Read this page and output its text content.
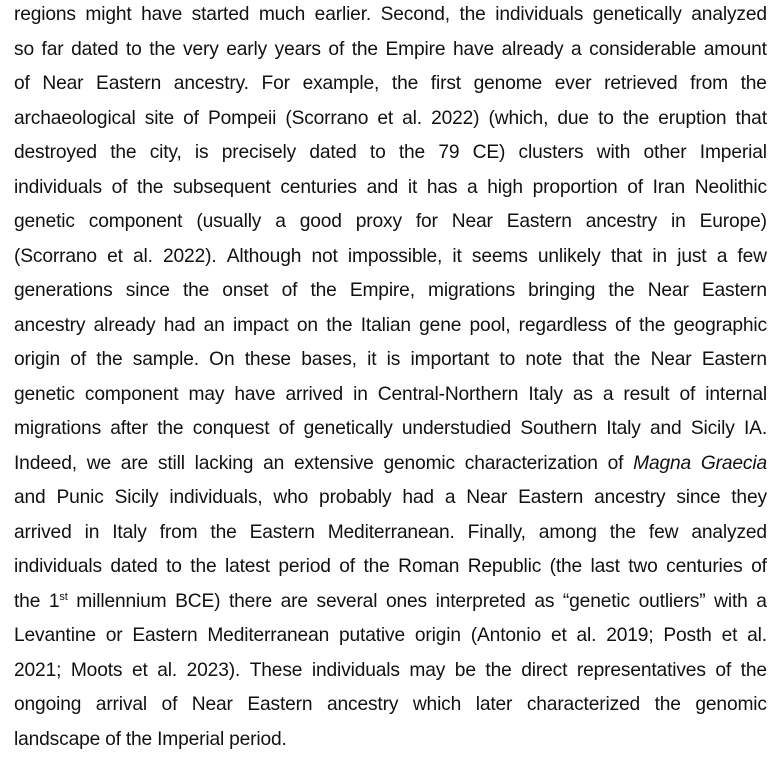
regions might have started much earlier. Second, the individuals genetically analyzed
so far dated to the very early years of the Empire have already a considerable amount
of Near Eastern ancestry. For example, the first genome ever retrieved from the
archaeological site of Pompeii (Scorrano et al. 2022) (which, due to the eruption that
destroyed the city, is precisely dated to the 79 CE) clusters with other Imperial
individuals of the subsequent centuries and it has a high proportion of Iran Neolithic
genetic component (usually a good proxy for Near Eastern ancestry in Europe)
(Scorrano et al. 2022). Although not impossible, it seems unlikely that in just a few
generations since the onset of the Empire, migrations bringing the Near Eastern
ancestry already had an impact on the Italian gene pool, regardless of the geographic
origin of the sample. On these bases, it is important to note that the Near Eastern
genetic component may have arrived in Central-Northern Italy as a result of internal
migrations after the conquest of genetically understudied Southern Italy and Sicily IA.
Indeed, we are still lacking an extensive genomic characterization of Magna Graecia
and Punic Sicily individuals, who probably had a Near Eastern ancestry since they
arrived in Italy from the Eastern Mediterranean. Finally, among the few analyzed
individuals dated to the latest period of the Roman Republic (the last two centuries of
the 1st millennium BCE) there are several ones interpreted as “genetic outliers” with a
Levantine or Eastern Mediterranean putative origin (Antonio et al. 2019; Posth et al.
2021; Moots et al. 2023). These individuals may be the direct representatives of the
ongoing arrival of Near Eastern ancestry which later characterized the genomic
landscape of the Imperial period.
